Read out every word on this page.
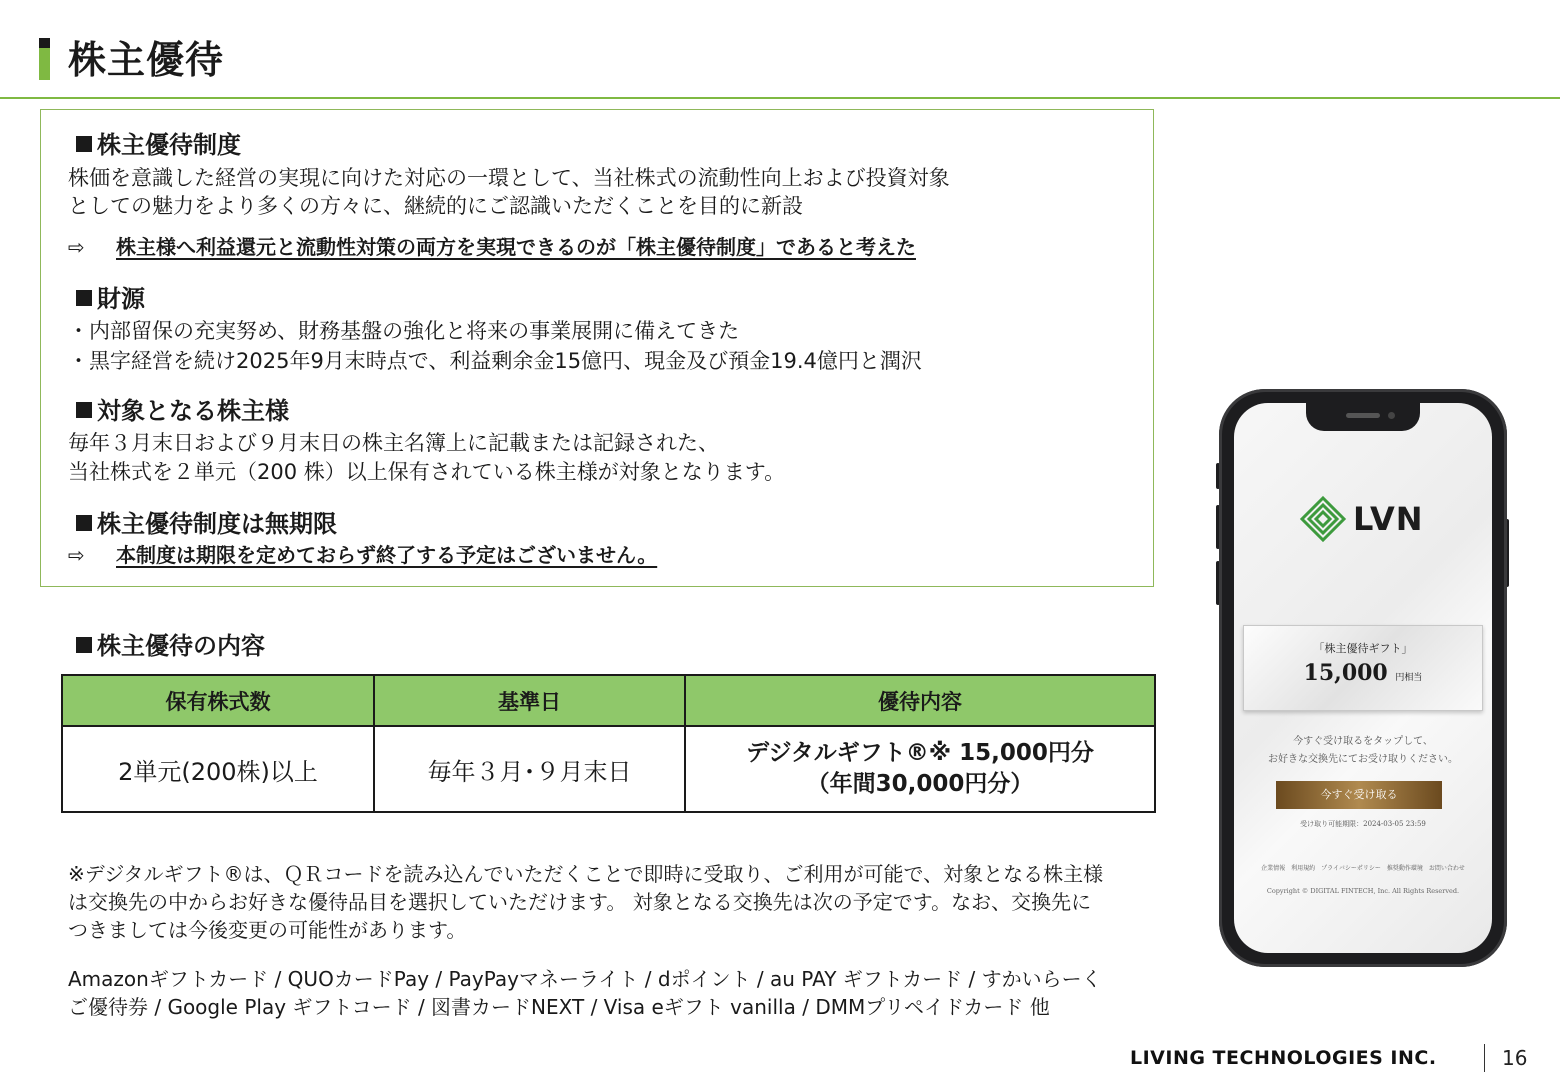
株主優待
株主優待制度
株価を意識した経営の実現に向けた対応の一環として、当社株式の流動性向上および投資対象
としての魅力をより多くの方々に、継続的にご認識いただくことを目的に新設
⇨ 株主様へ利益還元と流動性対策の両方を実現できるのが「株主優待制度」であると考えた
財源
・内部留保の充実努め、財務基盤の強化と将来の事業展開に備えてきた
・黒字経営を続け2025年9月末時点で、利益剰余金15億円、現金及び預金19.4億円と潤沢
対象となる株主様
毎年３月末日および９月末日の株主名簿上に記載または記録された、
当社株式を２単元（200 株）以上保有されている株主様が対象となります。
株主優待制度は無期限
⇨ 本制度は期限を定めておらず終了する予定はございません。
株主優待の内容
保有株式数	基準日	優待内容
2単元(200株)以上	毎年３月･９月末日	デジタルギフト®※ 15,000円分
（年間30,000円分）

※デジタルギフト®は、ＱＲコードを読み込んでいただくことで即時に受取り、ご利用が可能で、対象となる株主様は交換先の中からお好きな優待品目を選択していただけます。 対象となる交換先は次の予定です。なお、交換先につきましては今後変更の可能性があります。

Amazonギフトカード / QUOカードPay / PayPayマネーライト / dポイント / au PAY ギフトカード / すかいらーくご優待券 / Google Play ギフトコード / 図書カードNEXT / Visa eギフト vanilla / DMMプリペイドカード 他

LVN
「株主優待ギフト」
15,000 円相当
今すぐ受け取るをタップして、
お好きな交換先にてお受け取りください。
今すぐ受け取る
受け取り可能期限：2024-03-05 23:59
企業情報　利用規約　プライバシーポリシー　推奨動作環境　お問い合わせ
Copyright © DIGITAL FINTECH, Inc. All Rights Reserved.
LIVING TECHNOLOGIES INC.	16
